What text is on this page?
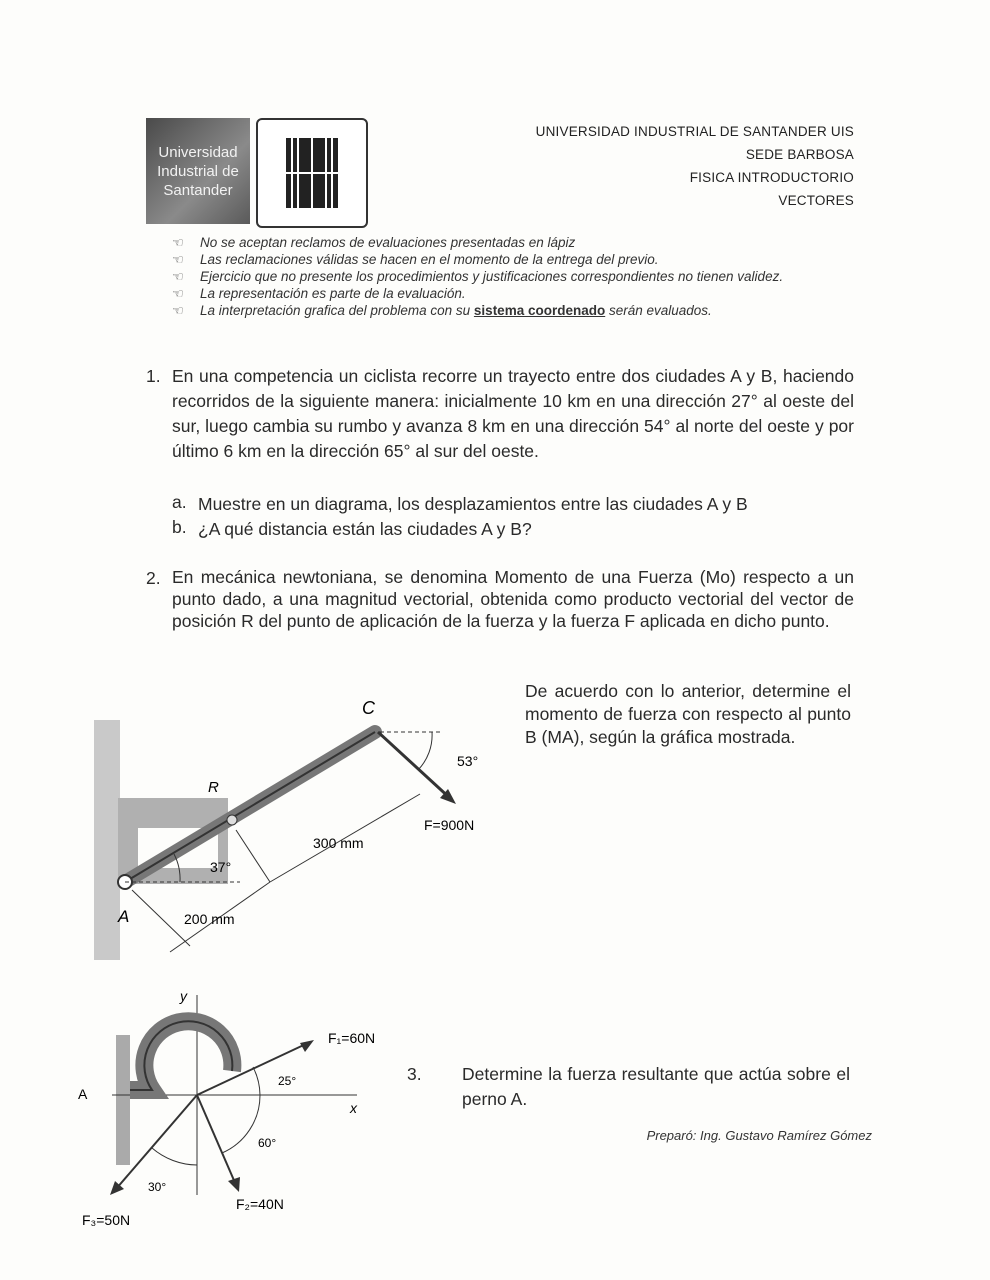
Universidad
Industrial de
Santander
UNIVERSIDAD INDUSTRIAL DE SANTANDER UIS
SEDE BARBOSA
FISICA INTRODUCTORIO
VECTORES
☜ No se aceptan reclamos de evaluaciones presentadas en lápiz
☜ Las reclamaciones válidas se hacen en el momento de la entrega del previo.
☜ Ejercicio que no presente los procedimientos y justificaciones correspondientes no tienen validez.
☜ La representación es parte de la evaluación.
☜ La interpretación grafica del problema con su sistema coordenado serán evaluados.
1. En una competencia un ciclista recorre un trayecto entre dos ciudades A y B, haciendo recorridos de la siguiente manera: inicialmente 10 km en una dirección 27° al oeste del sur, luego cambia su rumbo y avanza 8 km en una dirección 54° al norte del oeste y por último 6 km en la dirección 65° al sur del oeste.
a. Muestre en un diagrama, los desplazamientos entre las ciudades A y B
b. ¿A qué distancia están las ciudades A y B?
2. En mecánica newtoniana, se denomina Momento de una Fuerza (Mo) respecto a un punto dado, a una magnitud vectorial, obtenida como producto vectorial del vector de posición R del punto de aplicación de la fuerza y la fuerza F aplicada en dicho punto.
De acuerdo con lo anterior, determine el momento de fuerza con respecto al punto B (MA), según la gráfica mostrada.
C
R
A
53°
F=900N
300 mm
37°
200 mm
y
x
A
F₁=60N
F₂=40N
F₃=50N
25°
60°
30°
3. Determine la fuerza resultante que actúa sobre el perno A.
Preparó: Ing. Gustavo Ramírez Gómez
